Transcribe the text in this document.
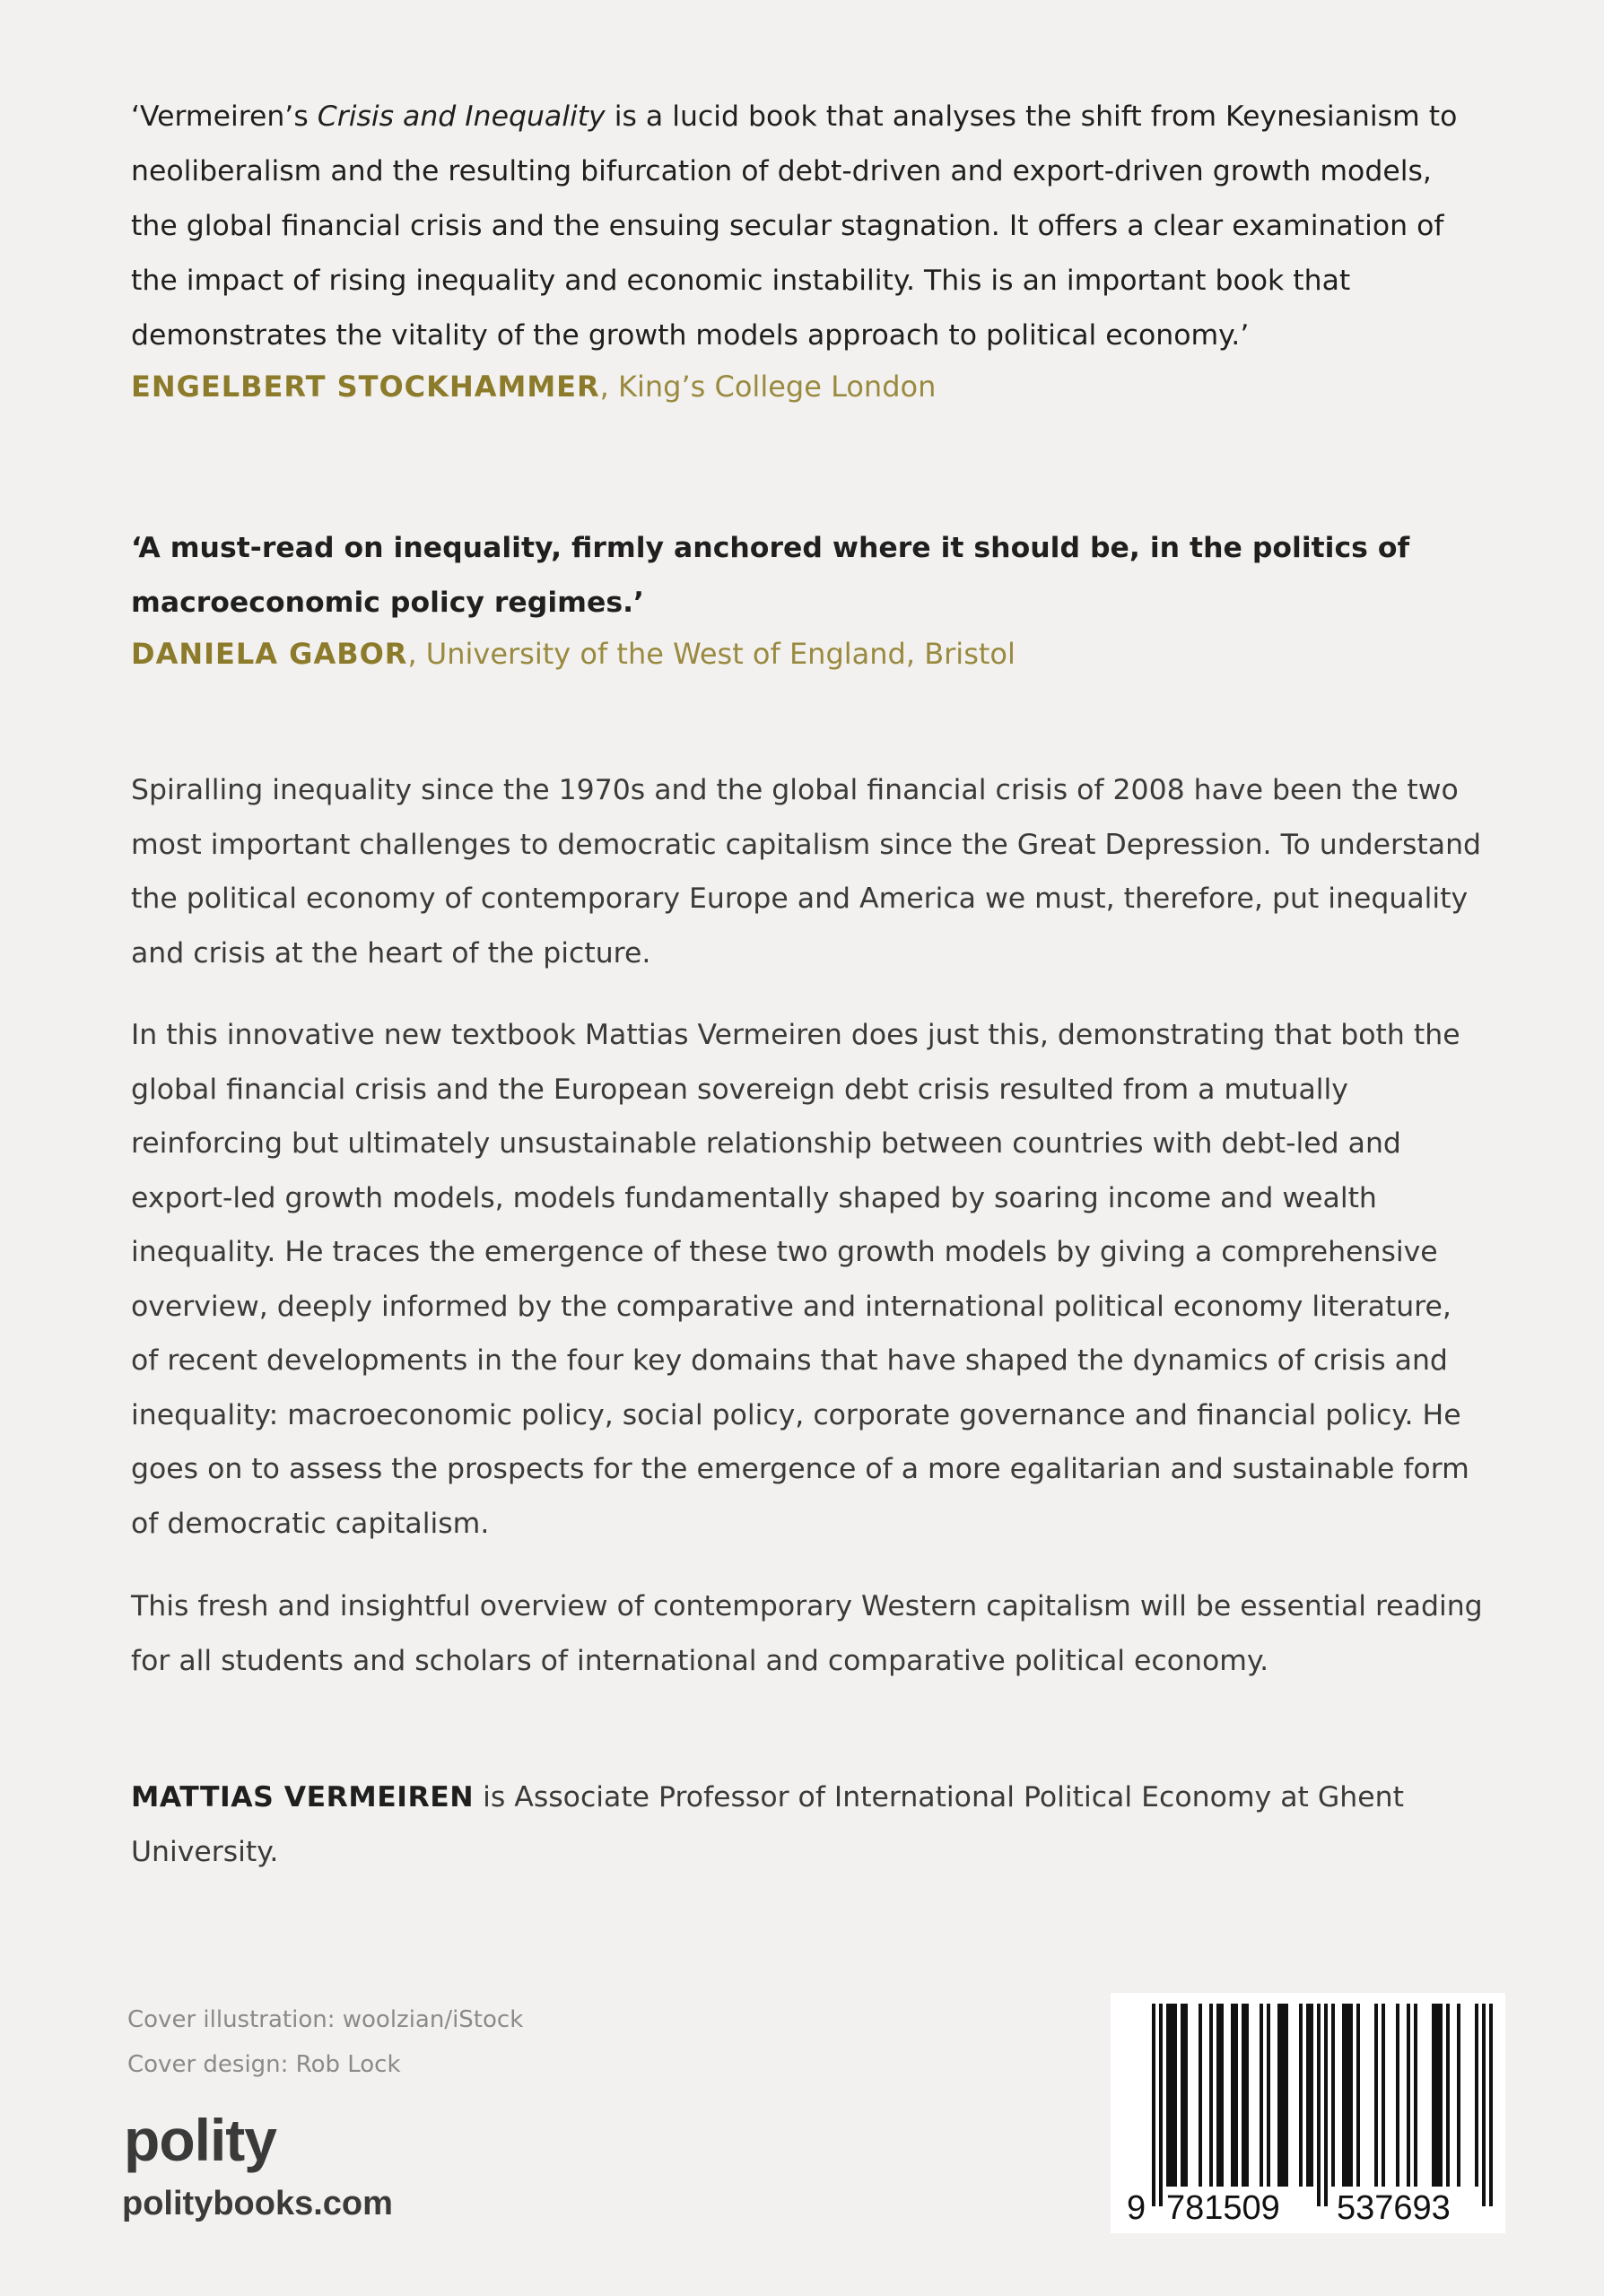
‘Vermeiren’s Crisis and Inequality is a lucid book that analyses the shift from Keynesianism to neoliberalism and the resulting bifurcation of debt-driven and export-driven growth models, the global financial crisis and the ensuing secular stagnation. It offers a clear examination of the impact of rising inequality and economic instability. This is an important book that demonstrates the vitality of the growth models approach to political economy.’

ENGELBERT STOCKHAMMER, King’s College London

‘A must-read on inequality, firmly anchored where it should be, in the politics of macroeconomic policy regimes.’

DANIELA GABOR, University of the West of England, Bristol

Spiralling inequality since the 1970s and the global financial crisis of 2008 have been the two most important challenges to democratic capitalism since the Great Depression. To understand the political economy of contemporary Europe and America we must, therefore, put inequality and crisis at the heart of the picture.

In this innovative new textbook Mattias Vermeiren does just this, demonstrating that both the global financial crisis and the European sovereign debt crisis resulted from a mutually reinforcing but ultimately unsustainable relationship between countries with debt-led and export-led growth models, models fundamentally shaped by soaring income and wealth inequality. He traces the emergence of these two growth models by giving a comprehensive overview, deeply informed by the comparative and international political economy literature, of recent developments in the four key domains that have shaped the dynamics of crisis and inequality: macroeconomic policy, social policy, corporate governance and financial policy. He goes on to assess the prospects for the emergence of a more egalitarian and sustainable form of democratic capitalism.

This fresh and insightful overview of contemporary Western capitalism will be essential reading for all students and scholars of international and comparative political economy.

MATTIAS VERMEIREN is Associate Professor of International Political Economy at Ghent University.

Cover illustration: woolzian/iStock
Cover design: Rob Lock
polity
politybooks.com	9 781509 537693
